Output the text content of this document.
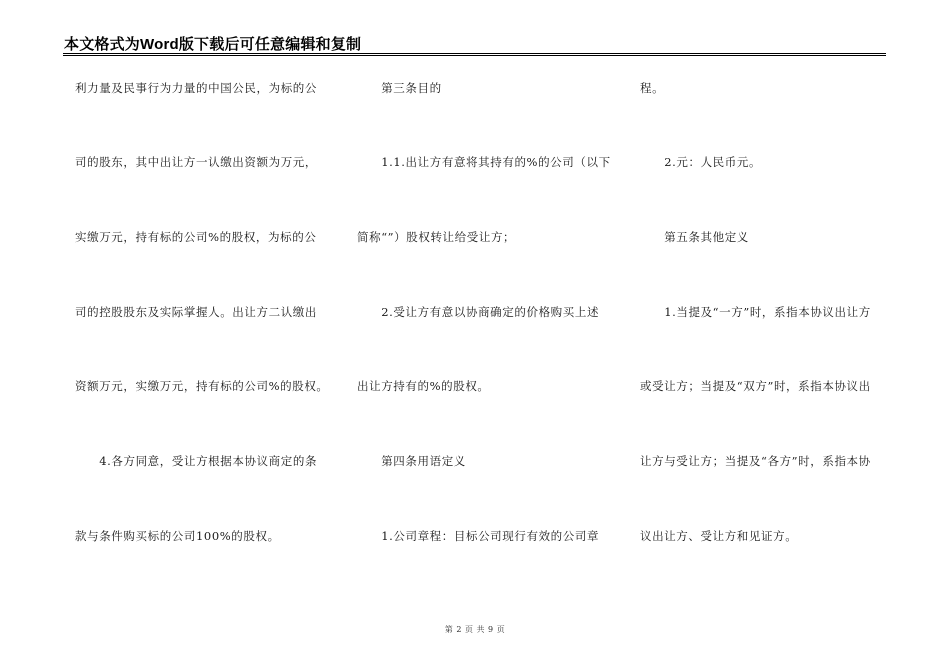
本文格式为Word版下载后可任意编辑和复制
利力量及民事行为力量的中国公民，为标的公
司的股东，其中出让方一认缴出资额为万元，
实缴万元，持有标的公司%的股权，为标的公
司的控股股东及实际掌握人。出让方二认缴出
资额万元，实缴万元，持有标的公司%的股权。
　　4.各方同意，受让方根据本协议商定的条
款与条件购买标的公司100%的股权。
　　第三条目的
　　1.1.出让方有意将其持有的%的公司（以下
简称“”）股权转让给受让方；
　　2.受让方有意以协商确定的价格购买上述
出让方持有的%的股权。
　　第四条用语定义
　　1.公司章程：目标公司现行有效的公司章
程。
　　2.元：人民币元。
　　第五条其他定义
　　1.当提及“一方”时，系指本协议出让方
或受让方；当提及“双方”时，系指本协议出
让方与受让方；当提及“各方”时，系指本协
议出让方、受让方和见证方。
第 2 页 共 9 页
